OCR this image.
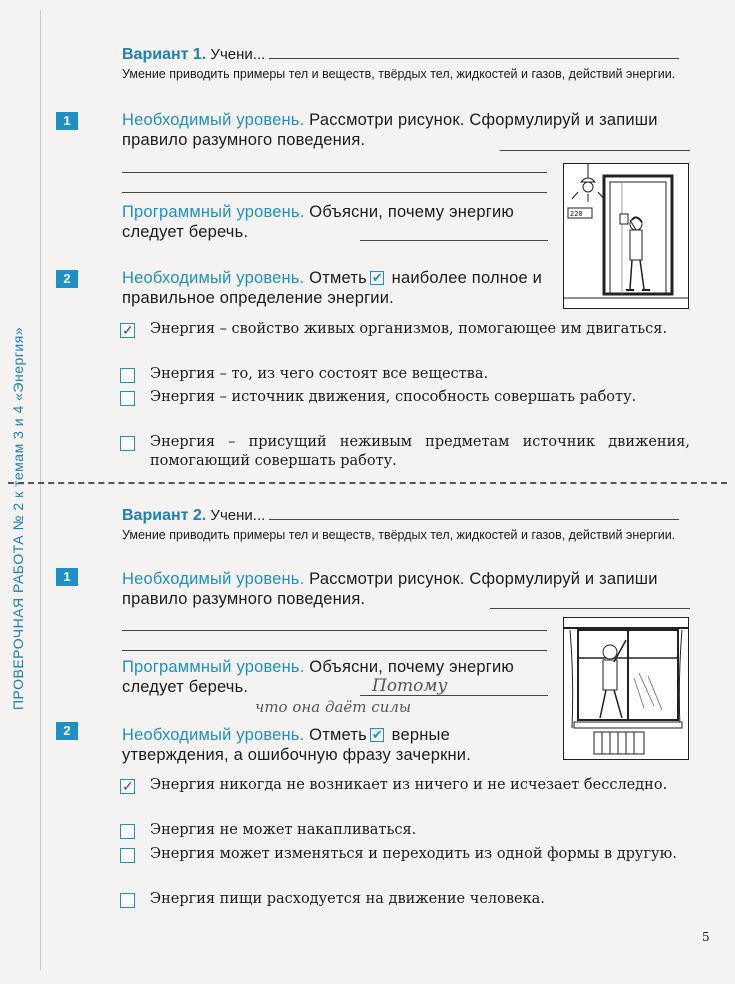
ПРОВЕРОЧНАЯ РАБОТА № 2 к темам 3 и 4 «Энергия»
Вариант 1. Учени...
Умение приводить примеры тел и веществ, твёрдых тел, жидкостей и газов, действий энергии.
1	Необходимый уровень. Рассмотри рисунок. Сформулируй и запиши правило разумного поведения.
Программный уровень. Объясни, почему энергию следует беречь.
220
2	Необходимый уровень. Отметь ✔ наиболее полное и правильное определение энергии.
✓ Энергия – свойство живых организмов, помогающее им двигаться.
Энергия – то, из чего состоят все вещества.
Энергия – источник движения, способность совершать работу.
Энергия – присущий неживым предметам источник движения, помогающий совершать работу.
Вариант 2. Учени...
Умение приводить примеры тел и веществ, твёрдых тел, жидкостей и газов, действий энергии.
1	Необходимый уровень. Рассмотри рисунок. Сформулируй и запиши правило разумного поведения.
Программный уровень. Объясни, почему энергию следует беречь.	Потому
что она даёт силы
2	Необходимый уровень. Отметь ✔ верные утверждения, а ошибочную фразу зачеркни.
✓ Энергия никогда не возникает из ничего и не исчезает бесследно.
Энергия не может накапливаться.
Энергия может изменяться и переходить из одной формы в другую.
Энергия пищи расходуется на движение человека.
5
